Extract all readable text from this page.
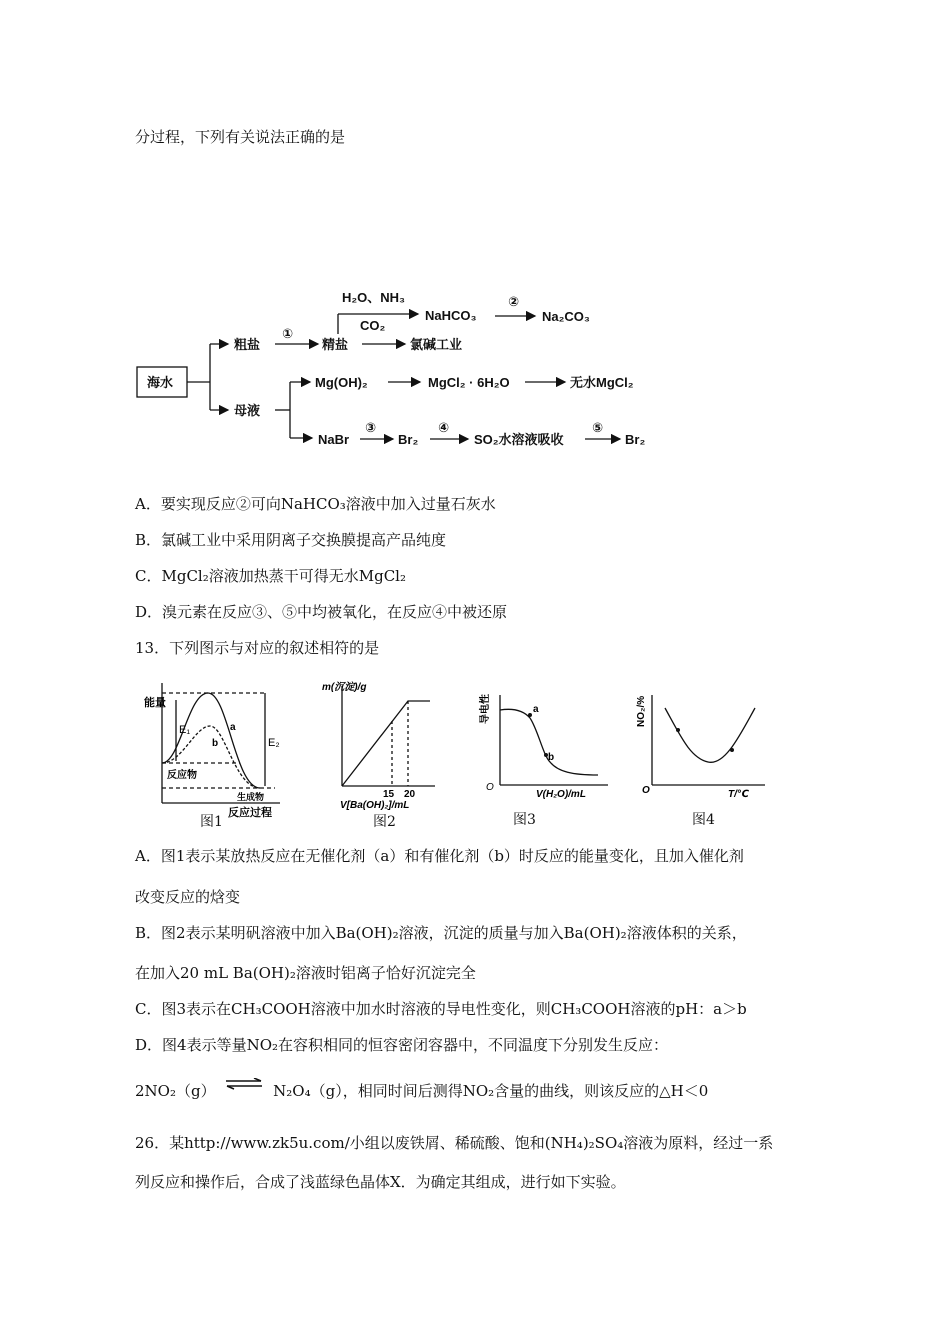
分过程，下列有关说法正确的是
海水
粗盐
母液
精盐
①
H₂O、NH₃
CO₂
NaHCO₃
②
Na₂CO₃
氯碱工业
Mg(OH)₂	MgCl₂ · 6H₂O	无水MgCl₂
NaBr
③
Br₂
④
SO₂水溶液吸收
⑤
Br₂
A．要实现反应②可向NaHCO₃溶液中加入过量石灰水
B．氯碱工业中采用阴离子交换膜提高产品纯度
C．MgCl₂溶液加热蒸干可得无水MgCl₂
D．溴元素在反应③、⑤中均被氧化，在反应④中被还原
13．下列图示与对应的叙述相符的是
能量
E₁
E₂
a
b
反应物
生成物
反应过程
m(沉淀)/g
15 20
V[Ba(OH)₂]/mL
导电性	a
b
O
V(H₂O)/mL
NO₂/%
O	T/℃
图1	图2	图3	图4
A．图1表示某放热反应在无催化剂（a）和有催化剂（b）时反应的能量变化，且加入催化剂
改变反应的焓变
B．图2表示某明矾溶液中加入Ba(OH)₂溶液，沉淀的质量与加入Ba(OH)₂溶液体积的关系，
在加入20 mL Ba(OH)₂溶液时铝离子恰好沉淀完全
C．图3表示在CH₃COOH溶液中加水时溶液的导电性变化，则CH₃COOH溶液的pH：a＞b
D．图4表示等量NO₂在容积相同的恒容密闭容器中，不同温度下分别发生反应：
2NO₂（g） ⇌ N₂O₄（g），相同时间后测得NO₂含量的曲线，则该反应的△H＜0
26．某http://www.zk5u.com/小组以废铁屑、稀硫酸、饱和(NH₄)₂SO₄溶液为原料，经过一系
列反应和操作后，合成了浅蓝绿色晶体X．为确定其组成，进行如下实验。
